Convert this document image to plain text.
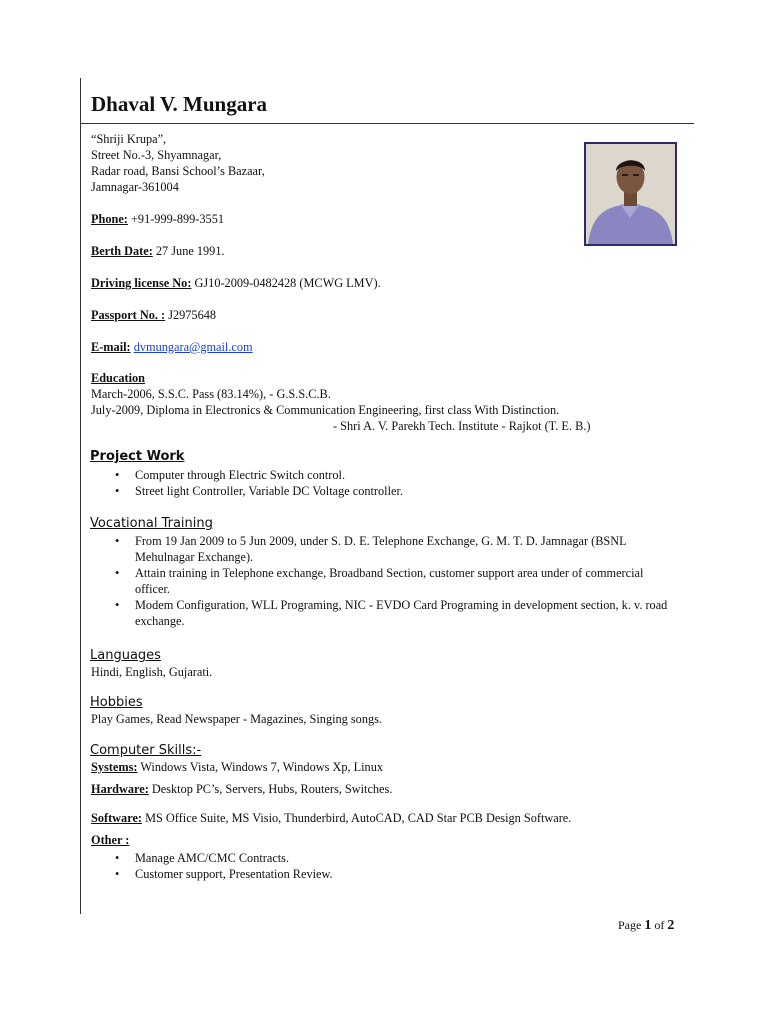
Dhaval V. Mungara
“Shriji Krupa”,
Street No.-3, Shyamnagar,
Radar road, Bansi School’s Bazaar,
Jamnagar-361004
Phone: +91-999-899-3551
Berth Date: 27 June 1991.
Driving license No: GJ10-2009-0482428 (MCWG LMV).
Passport No. : J2975648
E-mail: dvmungara@gmail.com
Education
March-2006, S.S.C. Pass (83.14%), - G.S.S.C.B.
July-2009, Diploma in Electronics & Communication Engineering, first class With Distinction.
- Shri A. V. Parekh Tech. Institute - Rajkot (T. E. B.)
Project Work
• Computer through Electric Switch control.
• Street light Controller, Variable DC Voltage controller.
Vocational Training
• From 19 Jan 2009 to 5 Jun 2009, under S. D. E. Telephone Exchange, G. M. T. D. Jamnagar (BSNL Mehulnagar Exchange).
• Attain training in Telephone exchange, Broadband Section, customer support area under of commercial officer.
• Modem Configuration, WLL Programing, NIC - EVDO Card Programing in development section, k. v. road exchange.
Languages
Hindi, English, Gujarati.
Hobbies
Play Games, Read Newspaper - Magazines, Singing songs.
Computer Skills:-
Systems: Windows Vista, Windows 7, Windows Xp, Linux
Hardware: Desktop PC’s, Servers, Hubs, Routers, Switches.
Software: MS Office Suite, MS Visio, Thunderbird, AutoCAD, CAD Star PCB Design Software.
Other :
• Manage AMC/CMC Contracts.
• Customer support, Presentation Review.
Page 1 of 2
